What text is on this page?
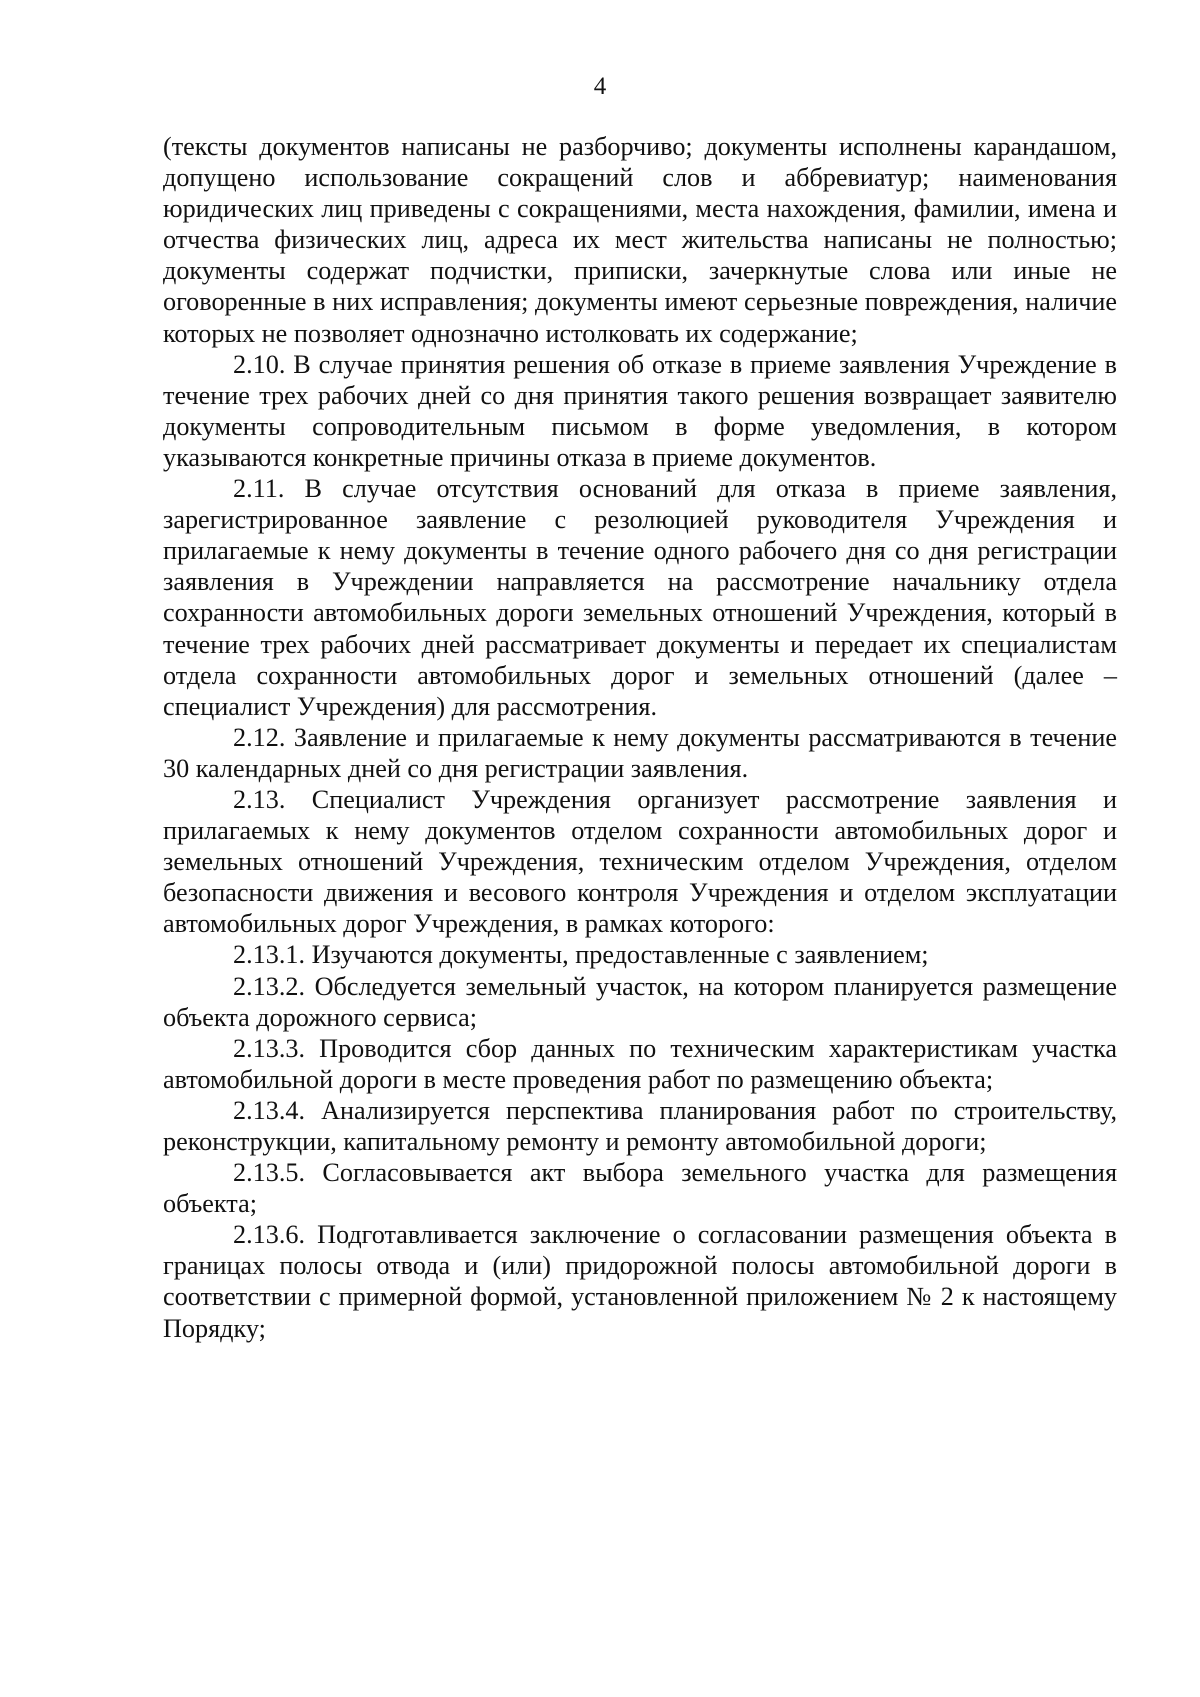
4

(тексты документов написаны не разборчиво; документы исполнены карандашом, допущено использование сокращений слов и аббревиатур; наименования юридических лиц приведены с сокращениями, места нахождения, фамилии, имена и отчества физических лиц, адреса их мест жительства написаны не полностью; документы содержат подчистки, приписки, зачеркнутые слова или иные не оговоренные в них исправления; документы имеют серьезные повреждения, наличие которых не позволяет однозначно истолковать их содержание;

2.10. В случае принятия решения об отказе в приеме заявления Учреждение в течение трех рабочих дней со дня принятия такого решения возвращает заявителю документы сопроводительным письмом в форме уведомления, в котором указываются конкретные причины отказа в приеме документов.

2.11. В случае отсутствия оснований для отказа в приеме заявления, зарегистрированное заявление с резолюцией руководителя Учреждения и прилагаемые к нему документы в течение одного рабочего дня со дня регистрации заявления в Учреждении направляется на рассмотрение начальнику отдела сохранности автомобильных дороги земельных отношений Учреждения, который в течение трех рабочих дней рассматривает документы и передает их специалистам отдела сохранности автомобильных дорог и земельных отношений (далее – специалист Учреждения) для рассмотрения.

2.12. Заявление и прилагаемые к нему документы рассматриваются в течение 30 календарных дней со дня регистрации заявления.

2.13. Специалист Учреждения организует рассмотрение заявления и прилагаемых к нему документов отделом сохранности автомобильных дорог и земельных отношений Учреждения, техническим отделом Учреждения, отделом безопасности движения и весового контроля Учреждения и отделом эксплуатации автомобильных дорог Учреждения, в рамках которого:

2.13.1. Изучаются документы, предоставленные с заявлением;

2.13.2. Обследуется земельный участок, на котором планируется размещение объекта дорожного сервиса;

2.13.3. Проводится сбор данных по техническим характеристикам участка автомобильной дороги в месте проведения работ по размещению объекта;

2.13.4. Анализируется перспектива планирования работ по строительству, реконструкции, капитальному ремонту и ремонту автомобильной дороги;

2.13.5. Согласовывается акт выбора земельного участка для размещения объекта;

2.13.6. Подготавливается заключение о согласовании размещения объекта в границах полосы отвода и (или) придорожной полосы автомобильной дороги в соответствии с примерной формой, установленной приложением № 2 к настоящему Порядку;
